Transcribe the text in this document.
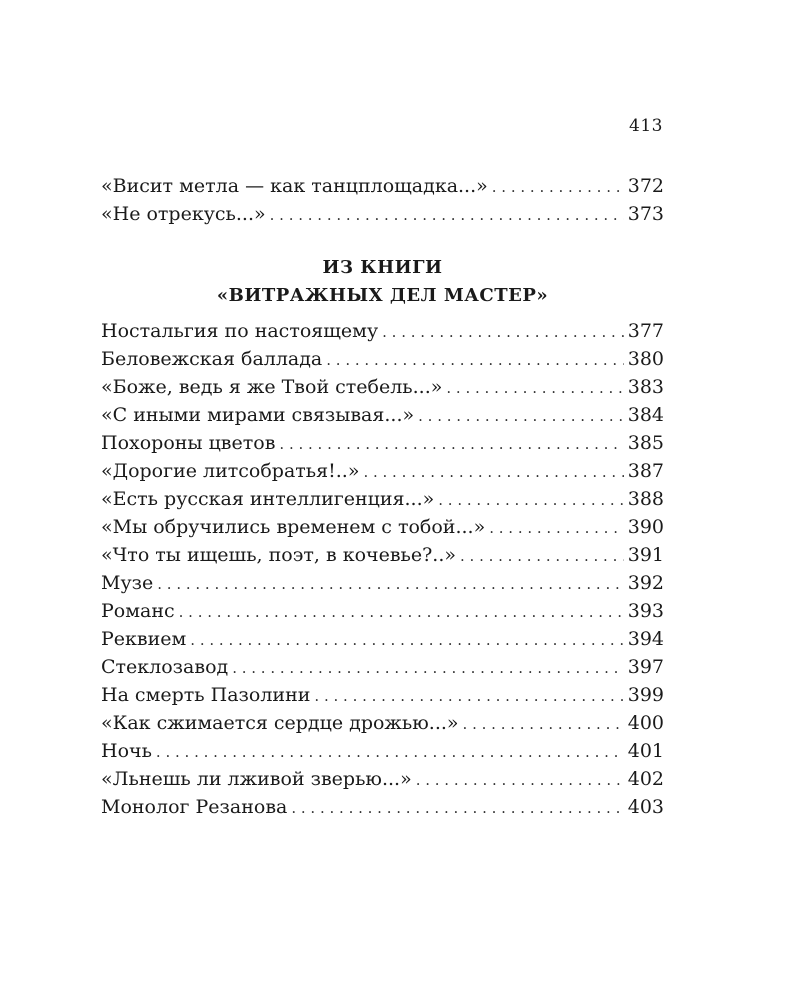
413
«Висит метла — как танцплощадка...» . . .	372
«Не отрекусь...» . . .	373
ИЗ КНИГИ
«ВИТРАЖНЫХ ДЕЛ МАСТЕР»
Ностальгия по настоящему . . .	377
Беловежская баллада . . .	380
«Боже, ведь я же Твой стебель...» . . .	383
«С иными мирами связывая...» . . .	384
Похороны цветов . . .	385
«Дорогие литсобратья!..» . . .	387
«Есть русская интеллигенция...» . . .	388
«Мы обручились временем с тобой...» . . .	390
«Что ты ищешь, поэт, в кочевье?..» . . .	391
Музе . . .	392
Романс . . .	393
Реквием . . .	394
Стеклозавод . . .	397
На смерть Пазолини . . .	399
«Как сжимается сердце дрожью...» . . .	400
Ночь . . .	401
«Льнешь ли лживой зверью...» . . .	402
Монолог Резанова . . .	403
